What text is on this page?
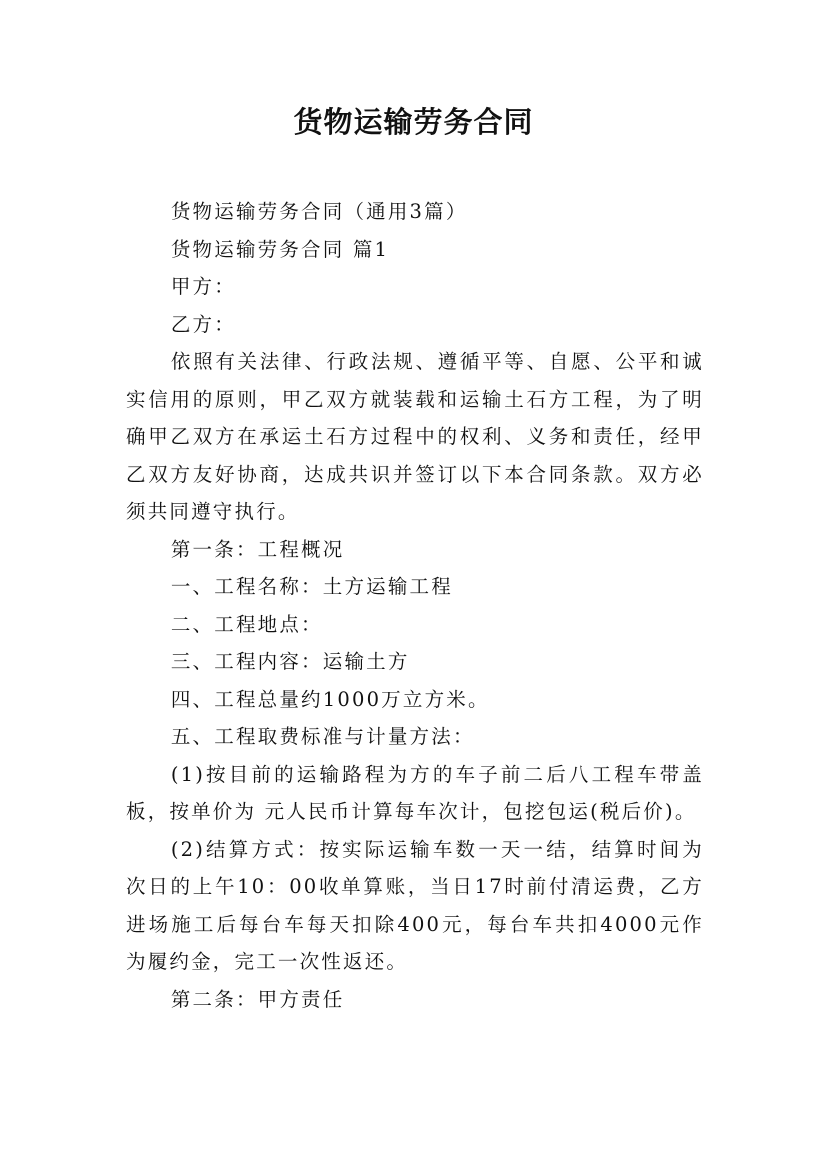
货物运输劳务合同

货物运输劳务合同（通用3篇）

货物运输劳务合同 篇1

甲方：

乙方：

依照有关法律、行政法规、遵循平等、自愿、公平和诚实信用的原则，甲乙双方就装载和运输土石方工程，为了明确甲乙双方在承运土石方过程中的权利、义务和责任，经甲乙双方友好协商，达成共识并签订以下本合同条款。双方必须共同遵守执行。

第一条：工程概况

一、工程名称：土方运输工程

二、工程地点：

三、工程内容：运输土方

四、工程总量约1000万立方米。

五、工程取费标准与计量方法：

(1)按目前的运输路程为方的车子前二后八工程车带盖板，按单价为 元人民币计算每车次计，包挖包运(税后价)。

(2)结算方式：按实际运输车数一天一结，结算时间为次日的上午10：00收单算账，当日17时前付清运费，乙方进场施工后每台车每天扣除400元，每台车共扣4000元作为履约金，完工一次性返还。

第二条：甲方责任
